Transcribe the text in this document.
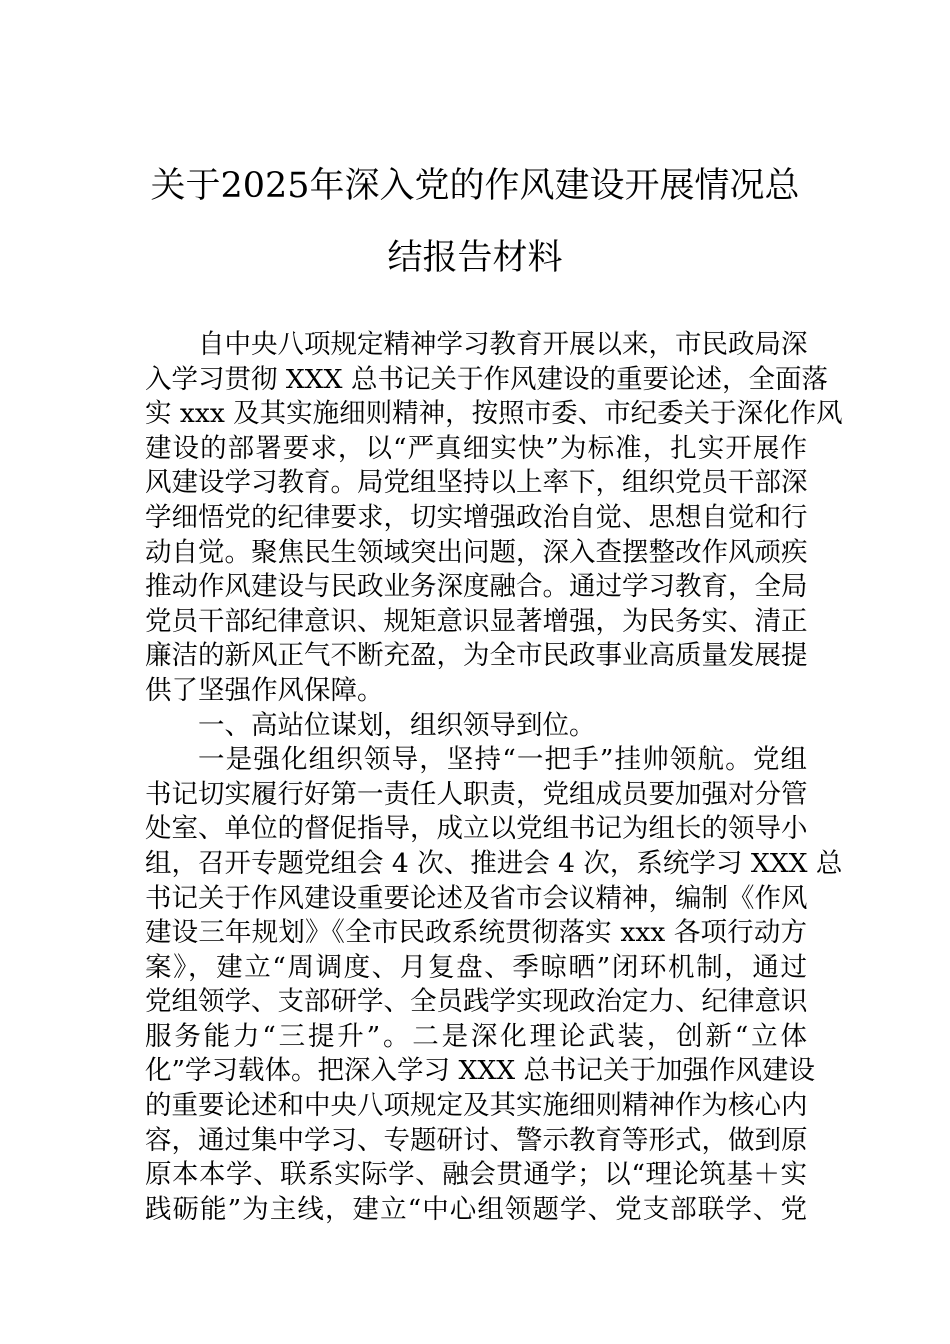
关于2025年深入党的作风建设开展情况总
结报告材料
自中央八项规定精神学习教育开展以来，市民政局深
入学习贯彻 XXX 总书记关于作风建设的重要论述，全面落
实 xxx 及其实施细则精神，按照市委、市纪委关于深化作风
建设的部署要求，以“严真细实快”为标准，扎实开展作
风建设学习教育。局党组坚持以上率下，组织党员干部深
学细悟党的纪律要求，切实增强政治自觉、思想自觉和行
动自觉。聚焦民生领域突出问题，深入查摆整改作风顽疾
推动作风建设与民政业务深度融合。通过学习教育，全局
党员干部纪律意识、规矩意识显著增强，为民务实、清正
廉洁的新风正气不断充盈，为全市民政事业高质量发展提
供了坚强作风保障。
一、高站位谋划，组织领导到位。
一是强化组织领导，坚持“一把手”挂帅领航。党组
书记切实履行好第一责任人职责，党组成员要加强对分管
处室、单位的督促指导，成立以党组书记为组长的领导小
组，召开专题党组会 4 次、推进会 4 次，系统学习 XXX 总
书记关于作风建设重要论述及省市会议精神，编制《作风
建设三年规划》《全市民政系统贯彻落实 xxx 各项行动方
案》，建立“周调度、月复盘、季晾晒”闭环机制，通过
党组领学、支部研学、全员践学实现政治定力、纪律意识
服务能力“三提升”。二是深化理论武装，创新“立体
化”学习载体。把深入学习 XXX 总书记关于加强作风建设
的重要论述和中央八项规定及其实施细则精神作为核心内
容，通过集中学习、专题研讨、警示教育等形式，做到原
原本本学、联系实际学、融会贯通学；以“理论筑基＋实
践砺能”为主线，建立“中心组领题学、党支部联学、党
